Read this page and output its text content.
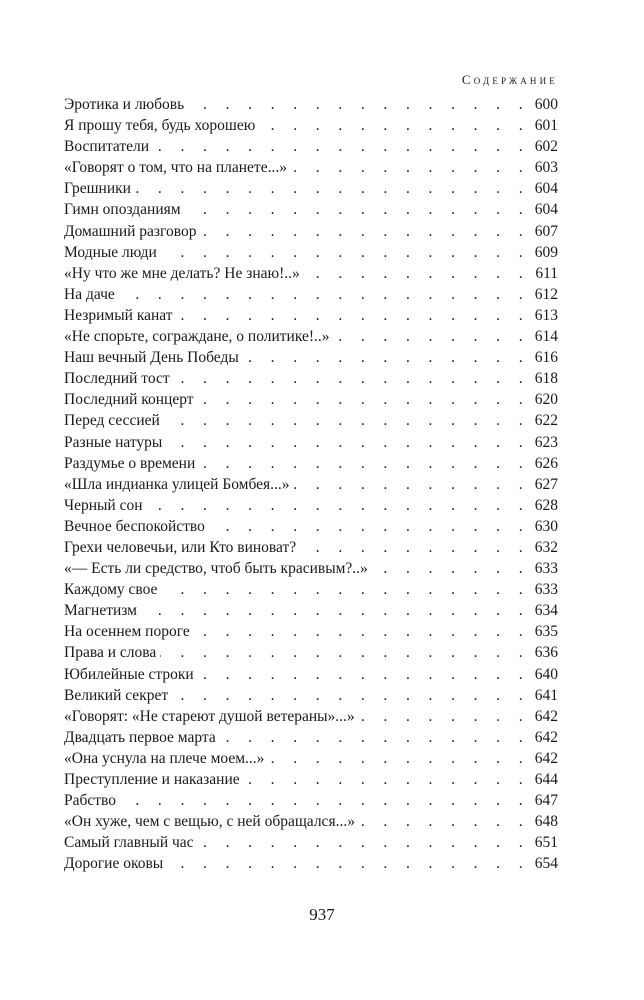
Содержание
Эротика и любовь . . .	600
Я прошу тебя, будь хорошею . . .	601
Воспитатели . . .	602
«Говорят о том, что на планете...» . . .	603
Грешники . . .	604
Гимн опозданиям . . .	604
Домашний разговор . . .	607
Модные люди . . .	609
«Ну что же мне делать? Не знаю!..» . . .	611
На даче . . .	612
Незримый канат . . .	613
«Не спорьте, сограждане, о политике!..» . . .	614
Наш вечный День Победы . . .	616
Последний тост . . .	618
Последний концерт . . .	620
Перед сессией . . .	622
Разные натуры . . .	623
Раздумье о времени . . .	626
«Шла индианка улицей Бомбея...» . . .	627
Черный сон . . .	628
Вечное беспокойство . . .	630
Грехи человечьи, или Кто виноват? . . .	632
«— Есть ли средство, чтоб быть красивым?..» . . .	633
Каждому свое . . .	633
Магнетизм . . .	634
На осеннем пороге . . .	635
Права и слова . . .	636
Юбилейные строки . . .	640
Великий секрет . . .	641
«Говорят: «Не стареют душой ветераны»...» . . .	642
Двадцать первое марта . . .	642
«Она уснула на плече моем...» . . .	642
Преступление и наказание . . .	644
Рабство . . .	647
«Он хуже, чем с вещью, с ней обращался...» . . .	648
Самый главный час . . .	651
Дорогие оковы . . .	654
937
